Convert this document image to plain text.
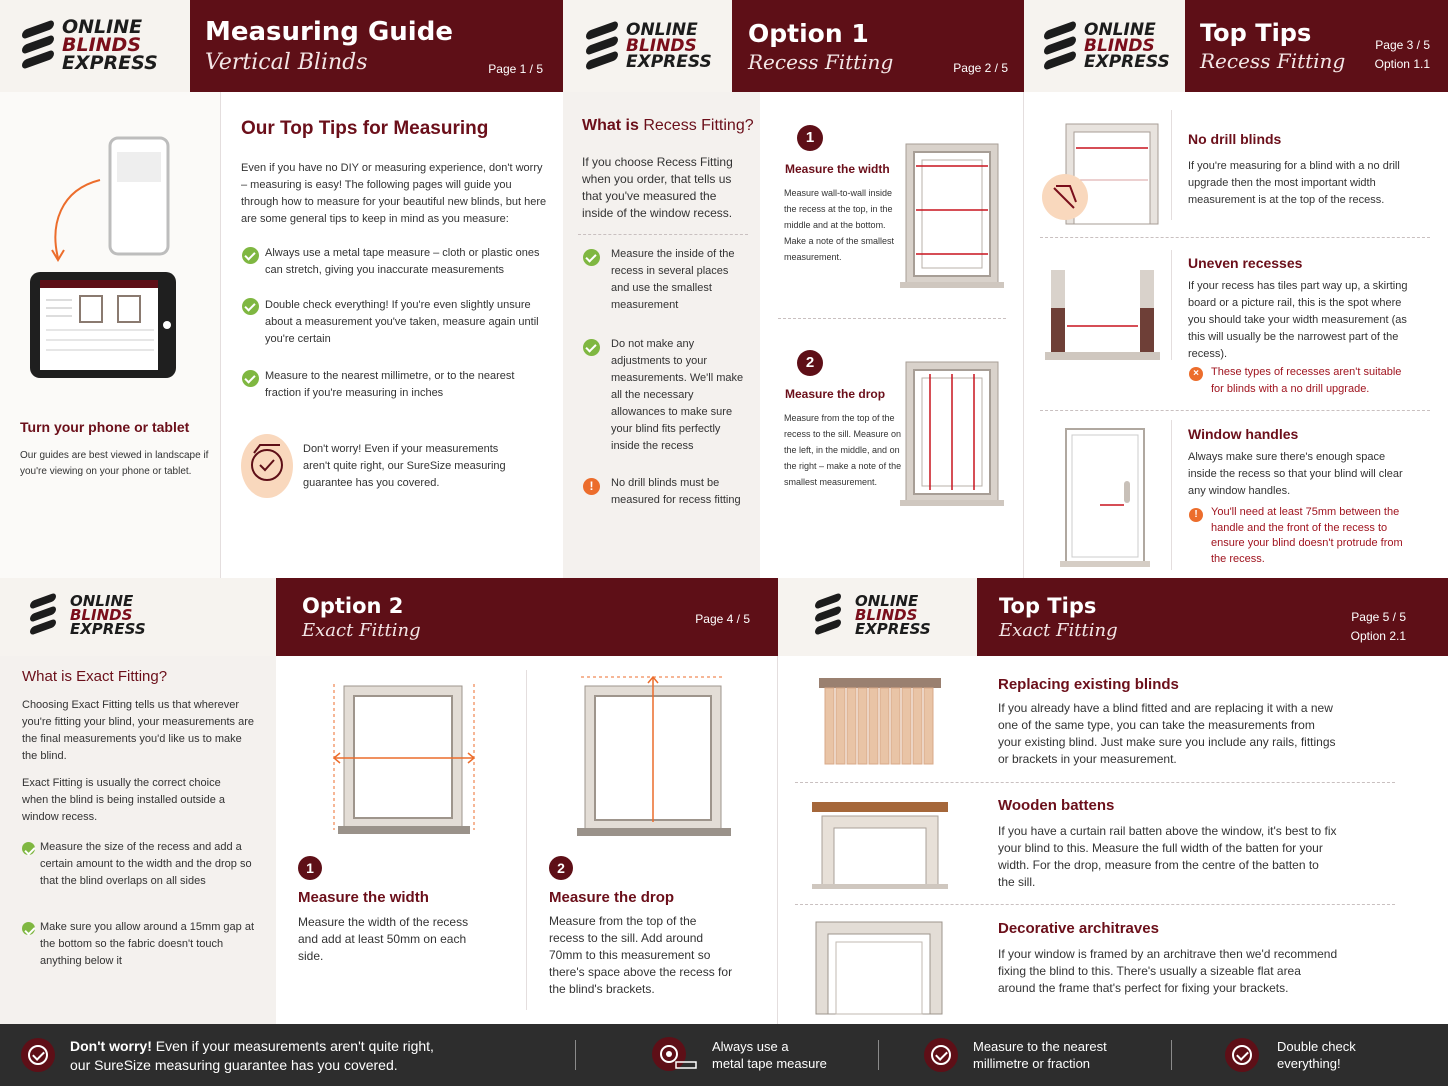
ONLINE
BLINDS
EXPRESS
ONLINE
BLINDS
EXPRESS
ONLINE
BLINDS
EXPRESS
Measuring Guide
Vertical Blinds	Page 1 / 5
Option 1
Recess Fitting	Page 2 / 5
Top Tips
Recess Fitting
Page 3 / 5
Option 1.1
Turn your phone or tablet
Our guides are best viewed in landscape if you're viewing on your phone or tablet.
Our Top Tips for Measuring
Even if you have no DIY or measuring experience, don't worry – measuring is easy! The following pages will guide you through how to measure for your beautiful new blinds, but here are some general tips to keep in mind as you measure:
Always use a metal tape measure – cloth or plastic ones can stretch, giving you inaccurate measurements
Double check everything! If you're even slightly unsure about a measurement you've taken, measure again until you're certain
Measure to the nearest millimetre, or to the nearest fraction if you're measuring in inches
Don't worry! Even if your measurements aren't quite right, our SureSize measuring guarantee has you covered.
What is Recess Fitting?
If you choose Recess Fitting when you order, that tells us that you've measured the inside of the window recess.
Measure the inside of the recess in several places and use the smallest measurement
Do not make any adjustments to your measurements. We'll make all the necessary allowances to make sure your blind fits perfectly inside the recess
!	No drill blinds must be measured for recess fitting
1
Measure the width
Measure wall-to-wall inside the recess at the top, in the middle and at the bottom. Make a note of the smallest measurement.
2
Measure the drop
Measure from the top of the recess to the sill. Measure on the left, in the middle, and on the right – make a note of the smallest measurement.
No drill blinds
If you're measuring for a blind with a no drill upgrade then the most important width measurement is at the top of the recess.
Uneven recesses
If your recess has tiles part way up, a skirting board or a picture rail, this is the spot where you should take your width measurement (as this will usually be the narrowest part of the recess).
×	These types of recesses aren't suitable for blinds with a no drill upgrade.
Window handles
Always make sure there's enough space inside the recess so that your blind will clear any window handles.
!	You'll need at least 75mm between the handle and the front of the recess to ensure your blind doesn't protrude from the recess.
ONLINE
BLINDS
EXPRESS
ONLINE
BLINDS
EXPRESS
Option 2
Exact Fitting
Page 4 / 5
Top Tips
Exact Fitting
Page 5 / 5
Option 2.1
What is Exact Fitting?
Choosing Exact Fitting tells us that wherever you're fitting your blind, your measurements are the final measurements you'd like us to make the blind.
Exact Fitting is usually the correct choice when the blind is being installed outside a window recess.
Measure the size of the recess and add a certain amount to the width and the drop so that the blind overlaps on all sides
Make sure you allow around a 15mm gap at the bottom so the fabric doesn't touch anything below it
1
Measure the width
Measure the width of the recess and add at least 50mm on each side.
2
Measure the drop
Measure from the top of the recess to the sill. Add around 70mm to this measurement so there's space above the recess for the blind's brackets.
Replacing existing blinds
If you already have a blind fitted and are replacing it with a new one of the same type, you can take the measurements from your existing blind. Just make sure you include any rails, fittings or brackets in your measurement.
Wooden battens
If you have a curtain rail batten above the window, it's best to fix your blind to this. Measure the full width of the batten for your width. For the drop, measure from the centre of the batten to the sill.
Decorative architraves
If your window is framed by an architrave then we'd recommend fixing the blind to this. There's usually a sizeable flat area around the frame that's perfect for fixing your brackets.
Don't worry! Even if your measurements aren't quite right,
our SureSize measuring guarantee has you covered.
Always use a
metal tape measure
Measure to the nearest
millimetre or fraction
Double check
everything!
